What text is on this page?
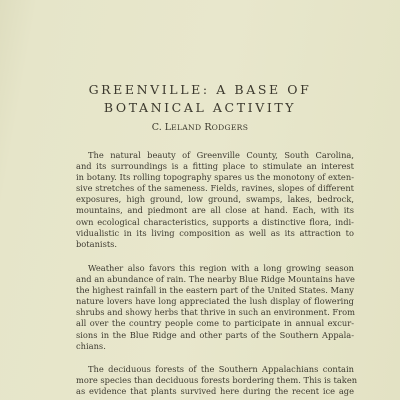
GREENVILLE: A BASE OF
BOTANICAL ACTIVITY
C. LELAND RODGERS

The natural beauty of Greenville County, South Carolina,
and its surroundings is a fitting place to stimulate an interest
in botany. Its rolling topography spares us the monotony of exten-
sive stretches of the sameness. Fields, ravines, slopes of different
exposures, high ground, low ground, swamps, lakes, bedrock,
mountains, and piedmont are all close at hand. Each, with its
own ecological characteristics, supports a distinctive flora, indi-
vidualistic in its living composition as well as its attraction to
botanists.

Weather also favors this region with a long growing season
and an abundance of rain. The nearby Blue Ridge Mountains have
the highest rainfall in the eastern part of the United States. Many
nature lovers have long appreciated the lush display of flowering
shrubs and showy herbs that thrive in such an environment. From
all over the country people come to participate in annual excur-
sions in the Blue Ridge and other parts of the Southern Appala-
chians.

The deciduous forests of the Southern Appalachians contain
more species than deciduous forests bordering them. This is taken
as evidence that plants survived here during the recent ice age
